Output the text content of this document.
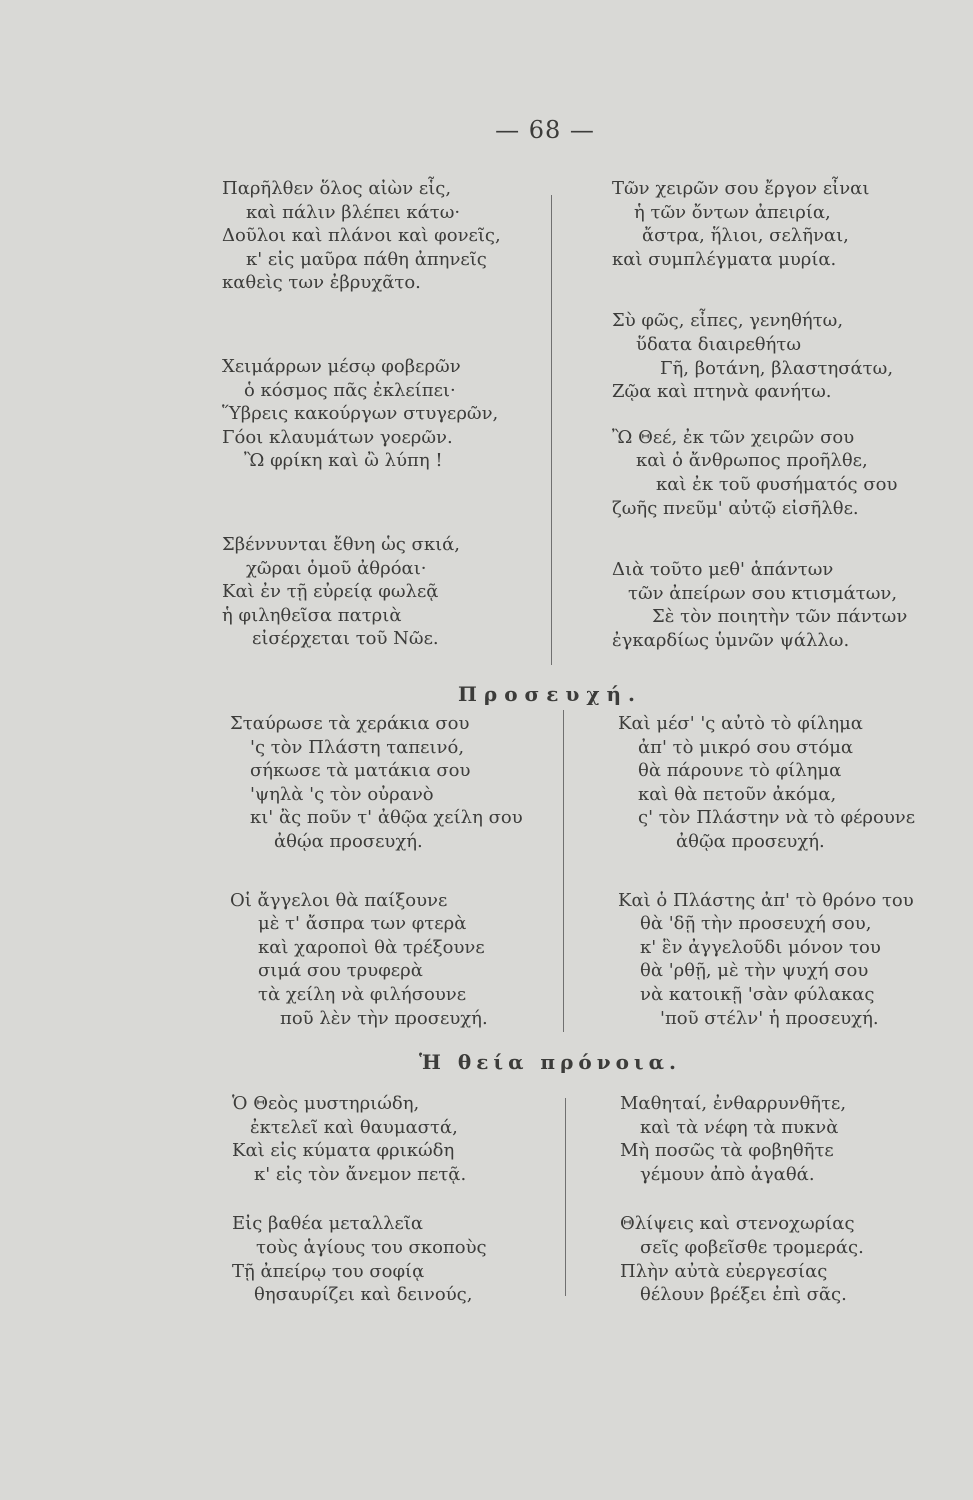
— 68 —
Παρῆλθεν ὅλος αἰὼν εἷς,
καὶ πάλιν βλέπει κάτω·
Δοῦλοι καὶ πλάνοι καὶ φονεῖς,
κ' εἰς μαῦρα πάθη ἀπηνεῖς
καθεὶς των ἐβρυχᾶτο.
Χειμάρρων μέσῳ φοβερῶν
ὁ κόσμος πᾶς ἐκλείπει·
Ὕβρεις κακούργων στυγερῶν,
Γόοι κλαυμάτων γοερῶν.
Ὢ φρίκη καὶ ὢ λύπη !
Σβέννυνται ἔθνη ὡς σκιά,
χῶραι ὁμοῦ ἀθρόαι·
Καὶ ἐν τῇ εὐρείᾳ φωλεᾷ
ἡ φιληθεῖσα πατριὰ
εἰσέρχεται τοῦ Νῶε.
Τῶν χειρῶν σου ἔργον εἶναι
ἡ τῶν ὄντων ἀπειρία,
ἄστρα, ἥλιοι, σελῆναι,
καὶ συμπλέγματα μυρία.
Σὺ φῶς, εἶπες, γενηθήτω,
ὕδατα διαιρεθήτω
Γῆ, βοτάνη, βλαστησάτω,
Ζῷα καὶ πτηνὰ φανήτω.
Ὢ Θεέ, ἐκ τῶν χειρῶν σου
καὶ ὁ ἄνθρωπος προῆλθε,
καὶ ἐκ τοῦ φυσήματός σου
ζωῆς πνεῦμ' αὐτῷ εἰσῆλθε.
Διὰ τοῦτο μεθ' ἁπάντων
τῶν ἀπείρων σου κτισμάτων,
Σὲ τὸν ποιητὴν τῶν πάντων
ἐγκαρδίως ὑμνῶν ψάλλω.
Προσευχή.
Σταύρωσε τὰ χεράκια σου
'ς τὸν Πλάστη ταπεινό,
σήκωσε τὰ ματάκια σου
'ψηλὰ 'ς τὸν οὐρανὸ
κι' ἂς ποῦν τ' ἀθῷα χείλη σου
ἀθῴα προσευχή.
Οἱ ἄγγελοι θὰ παίξουνε
μὲ τ' ἄσπρα των φτερὰ
καὶ χαροποὶ θὰ τρέξουνε
σιμά σου τρυφερὰ
τὰ χείλη νὰ φιλήσουνε
ποῦ λὲν τὴν προσευχή.
Καὶ μέσ' 'ς αὐτὸ τὸ φίλημα
ἀπ' τὸ μικρό σου στόμα
θὰ πάρουνε τὸ φίλημα
καὶ θὰ πετοῦν ἀκόμα,
ς' τὸν Πλάστην νὰ τὸ φέρουνε
ἀθῷα προσευχή.
Καὶ ὁ Πλάστης ἀπ' τὸ θρόνο του
θὰ 'δῇ τὴν προσευχή σου,
κ' ἓν ἀγγελοῦδι μόνον του
θὰ 'ρθῇ, μὲ τὴν ψυχή σου
νὰ κατοικῇ 'σὰν φύλακας
'ποῦ στέλν' ἡ προσευχή.
Ἡ θεία πρόνοια.
Ὁ Θεὸς μυστηριώδη,
ἐκτελεῖ καὶ θαυμαστά,
Καὶ εἰς κύματα φρικώδη
κ' εἰς τὸν ἄνεμον πετᾷ.
Εἰς βαθέα μεταλλεῖα
τοὺς ἁγίους του σκοποὺς
Τῇ ἀπείρῳ του σοφίᾳ
θησαυρίζει καὶ δεινούς,
Μαθηταί, ἐνθαρρυνθῆτε,
καὶ τὰ νέφη τὰ πυκνὰ
Μὴ ποσῶς τὰ φοβηθῆτε
γέμουν ἀπὸ ἀγαθά.
Θλίψεις καὶ στενοχωρίας
σεῖς φοβεῖσθε τρομεράς.
Πλὴν αὐτὰ εὐεργεσίας
θέλουν βρέξει ἐπὶ σᾶς.
